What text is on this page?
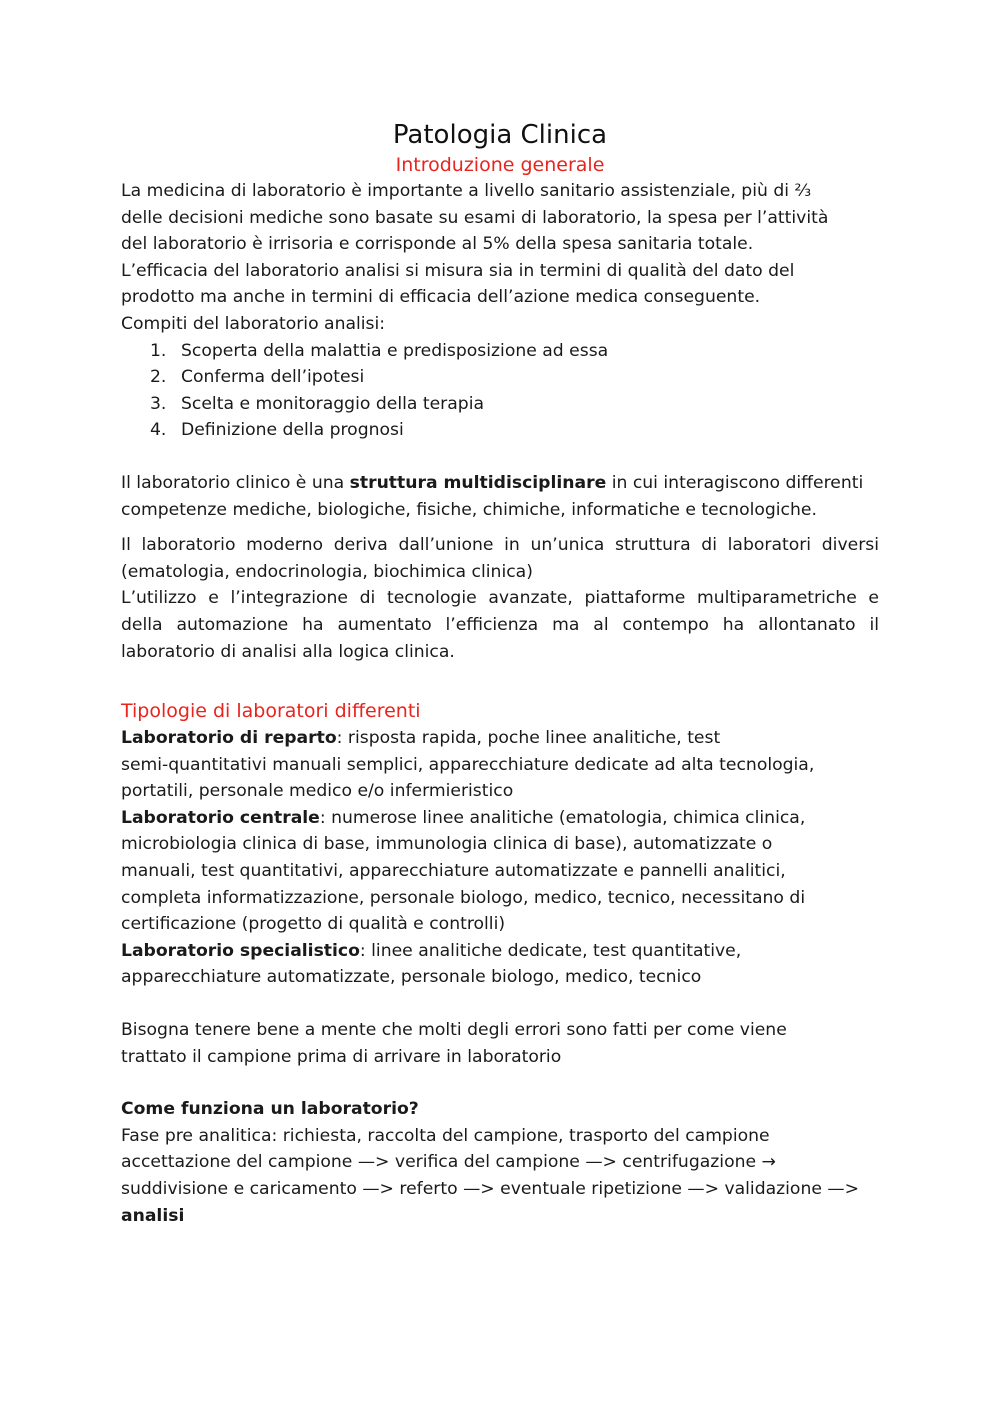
Patologia Clinica
Introduzione generale

La medicina di laboratorio è importante a livello sanitario assistenziale, più di ⅔

delle decisioni mediche sono basate su esami di laboratorio, la spesa per l’attività

del laboratorio è irrisoria e corrisponde al 5% della spesa sanitaria totale.

L’efficacia del laboratorio analisi si misura sia in termini di qualità del dato del

prodotto ma anche in termini di efficacia dell’azione medica conseguente.

Compiti del laboratorio analisi:

1. Scoperta della malattia e predisposizione ad essa
2. Conferma dell’ipotesi
3. Scelta e monitoraggio della terapia
4. Definizione della prognosi

Il laboratorio clinico è una struttura multidisciplinare in cui interagiscono differenti

competenze mediche, biologiche, fisiche, chimiche, informatiche e tecnologiche.

Il laboratorio moderno deriva dall’unione in un’unica struttura di laboratori diversi

(ematologia, endocrinologia, biochimica clinica)

L’utilizzo e l’integrazione di tecnologie avanzate, piattaforme multiparametriche e

della automazione ha aumentato l’efficienza ma al contempo ha allontanato il

laboratorio di analisi alla logica clinica.

Tipologie di laboratori differenti

Laboratorio di reparto: risposta rapida, poche linee analitiche, test

semi-quantitativi manuali semplici, apparecchiature dedicate ad alta tecnologia,

portatili, personale medico e/o infermieristico

Laboratorio centrale: numerose linee analitiche (ematologia, chimica clinica,

microbiologia clinica di base, immunologia clinica di base), automatizzate o

manuali, test quantitativi, apparecchiature automatizzate e pannelli analitici,

completa informatizzazione, personale biologo, medico, tecnico, necessitano di

certificazione (progetto di qualità e controlli)

Laboratorio specialistico: linee analitiche dedicate, test quantitative,

apparecchiature automatizzate, personale biologo, medico, tecnico

Bisogna tenere bene a mente che molti degli errori sono fatti per come viene

trattato il campione prima di arrivare in laboratorio

Come funziona un laboratorio?

Fase pre analitica: richiesta, raccolta del campione, trasporto del campione

accettazione del campione —> verifica del campione —> centrifugazione →

suddivisione e caricamento —> referto —> eventuale ripetizione —> validazione —>

analisi
